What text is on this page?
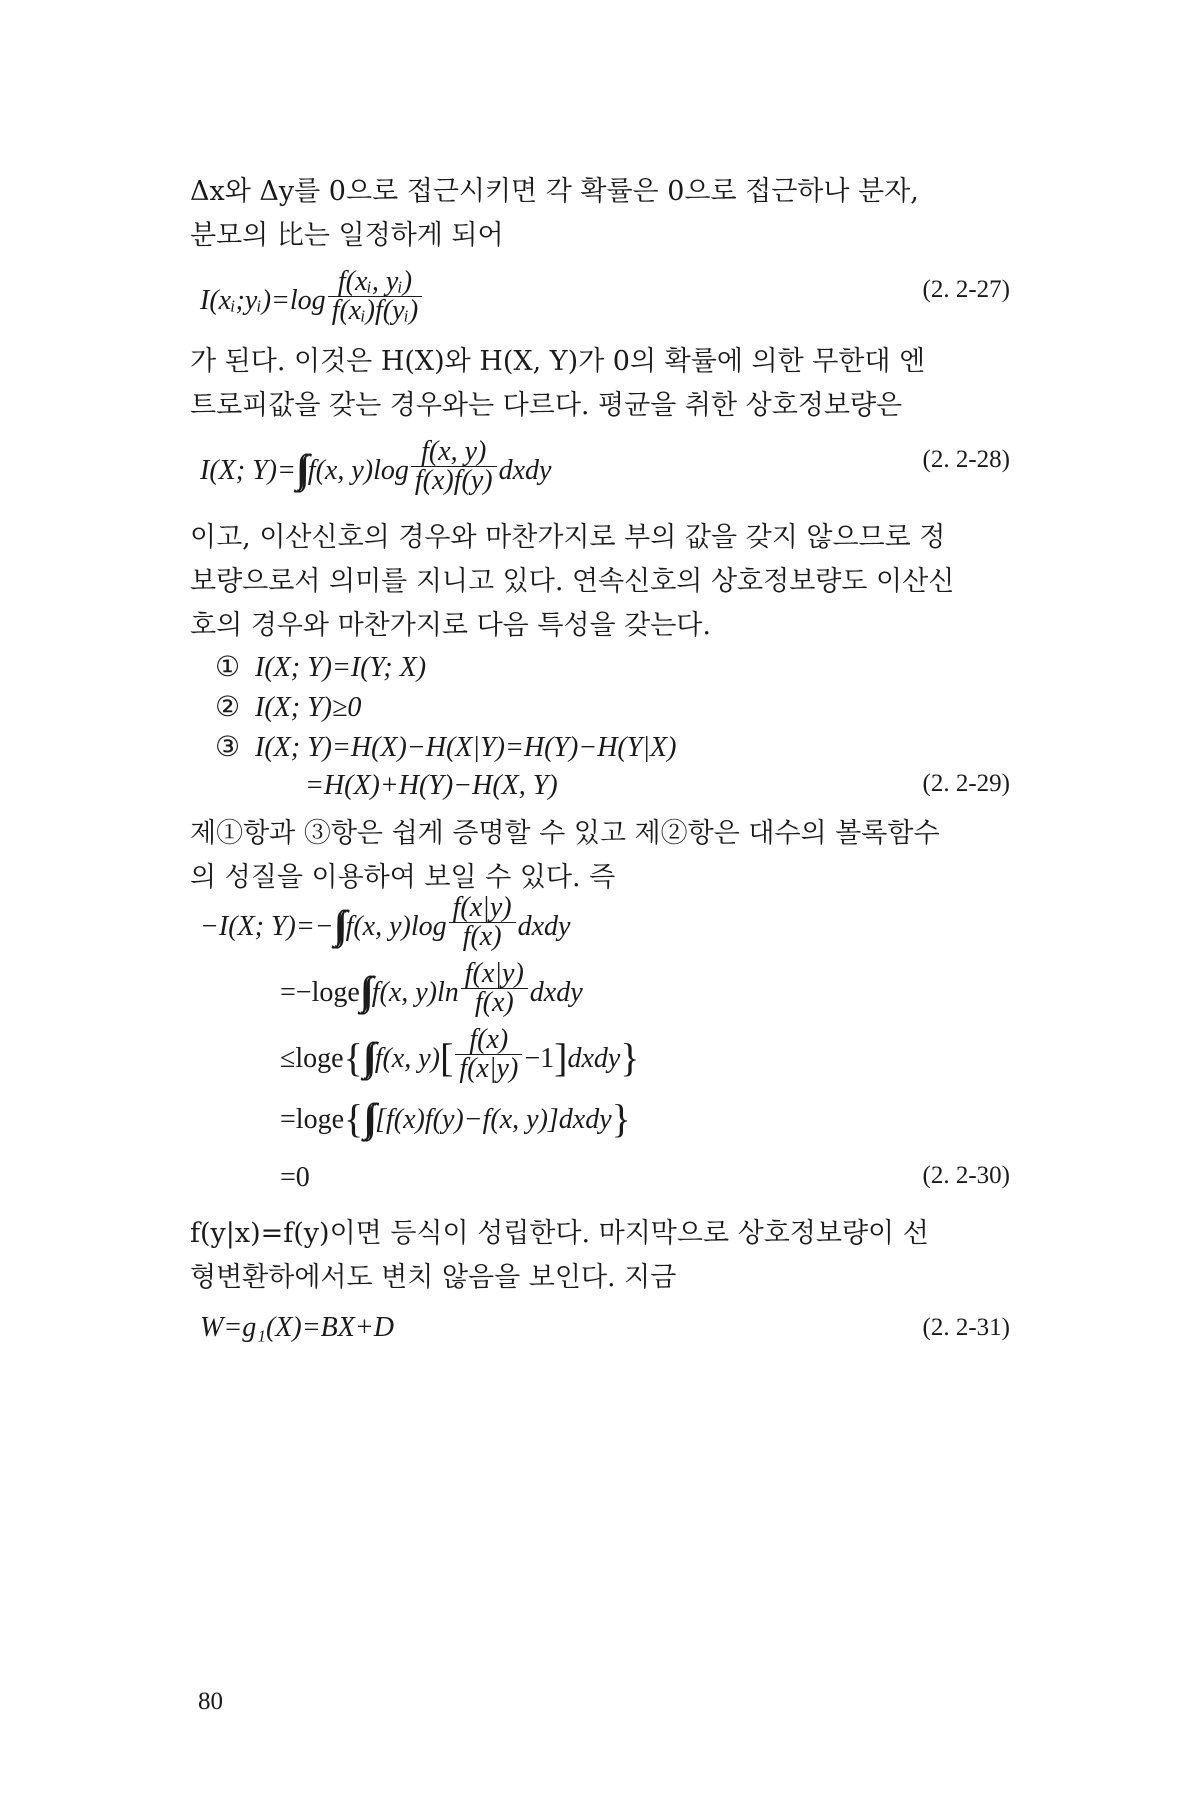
Δx와 Δy를 0으로 접근시키면 각 확률은 0으로 접근하나 분자,
분모의 比는 일정하게 되어

I(xᵢ;yᵢ)=log $\frac{\text{f(xᵢ, yᵢ)}}{\text{f(xᵢ)f(yᵢ)}}$	(2. 2-27)

가 된다. 이것은 H(X)와 H(X, Y)가 0의 확률에 의한 무한대 엔
트로피값을 갖는 경우와는 다르다. 평균을 취한 상호정보량은

I(X; Y)=∫∫ f(x, $y)\log \frac{f(x, y)}{f(x)f(y)}$ dxdy	(2. 2-28)

이고, 이산신호의 경우와 마찬가지로 부의 값을 갖지 않으므로 정
보량으로서 의미를 지니고 있다. 연속신호의 상호정보량도 이산신
호의 경우와 마찬가지로 다음 특성을 갖는다.

① I(X; Y)=I(Y; X)
② I(X; Y)≥0
③ I(X; Y)=H(X)−H(X|Y)=H(Y)−H(Y|X)
=H(X)+H(Y)−H(X, Y)	(2. 2-29)

제①항과 ③항은 쉽게 증명할 수 있고 제②항은 대수의 볼록함수
의 성질을 이용하여 보일 수 있다. 즉

−I(X; Y)=−∫∫ f(x, $y)\log \frac{f(x|y)}{f(x)}$ dxdy
=−loge∫∫ f(x, $y)\ln \frac{f(x|y)}{f(x)}$ dxdy
≤loge{∫∫ f(x, $y)[ \frac{f(x)}{f(x|y)}$ −1]dxdy}
=loge{∫∫ [f(x)f(y)−f(x, y)]dxdy}
=0	(2. 2-30)

f(y|x)=f(y)이면 등식이 성립한다. 마지막으로 상호정보량이 선
형변환하에서도 변치 않음을 보인다. 지금

W=g₁(X)=BX+D	(2. 2-31)
80
